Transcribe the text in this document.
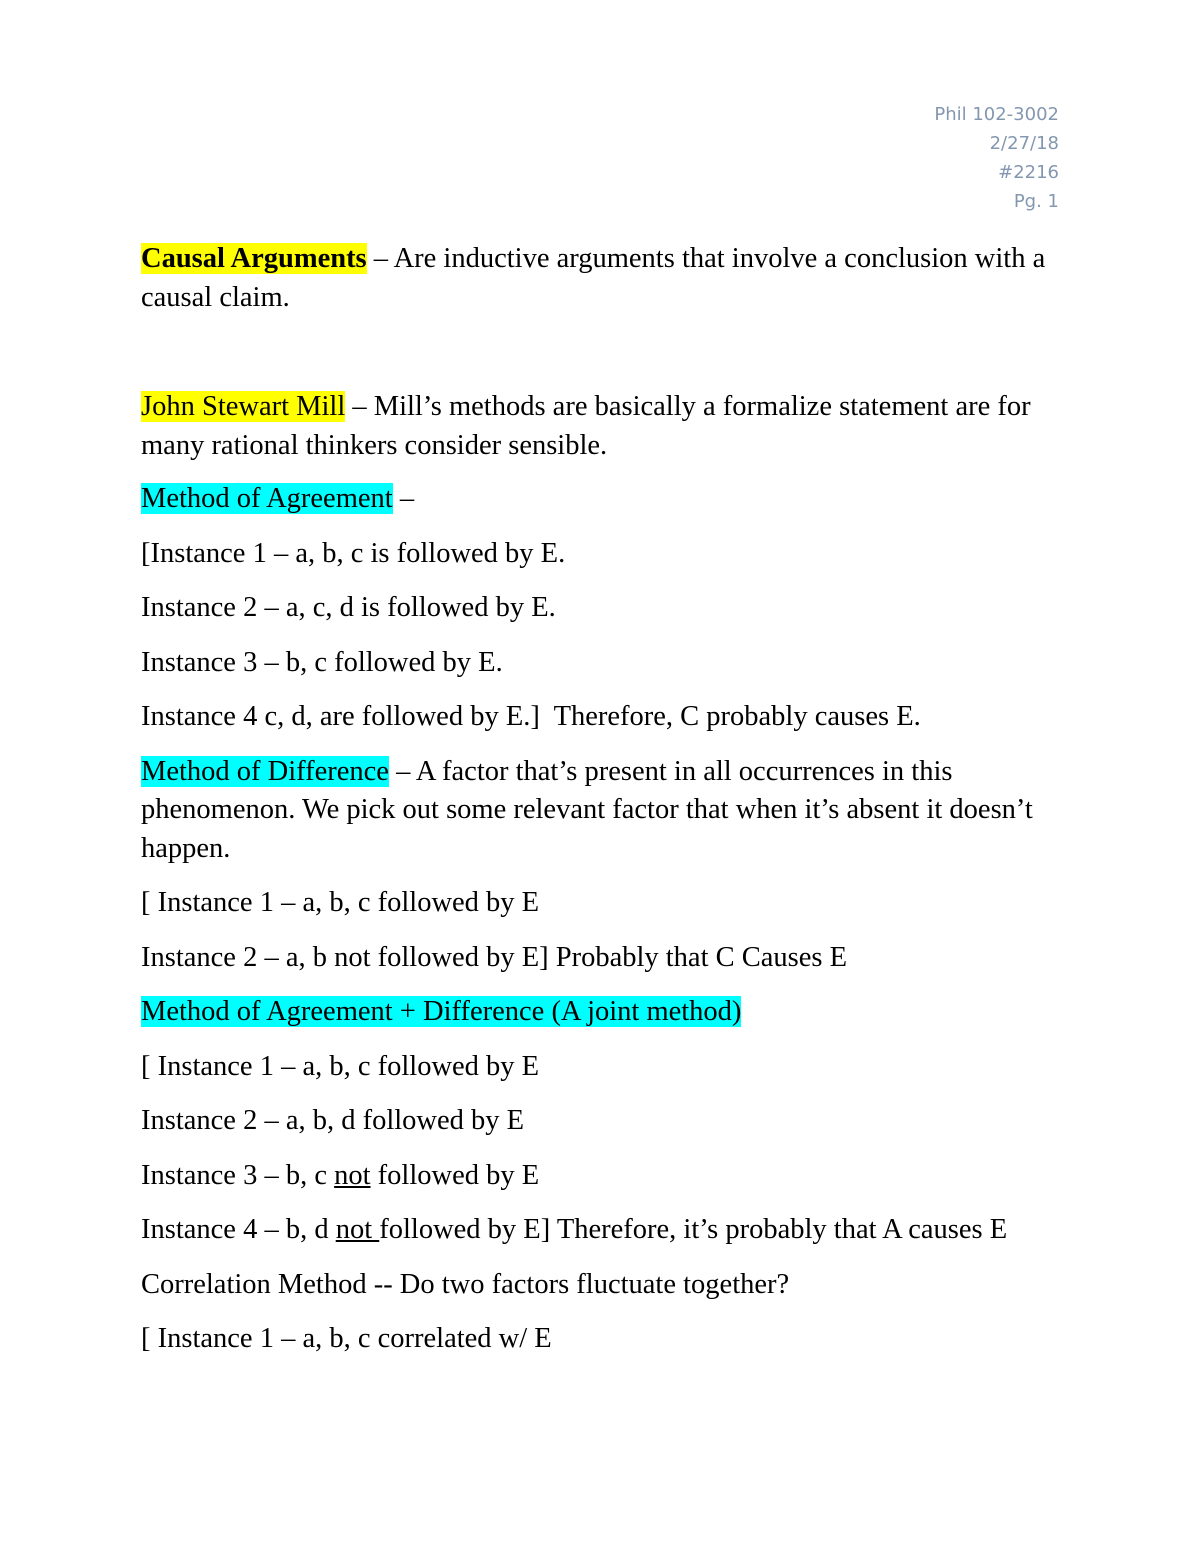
Phil 102-3002
2/27/18
#2216
Pg. 1

Causal Arguments – Are inductive arguments that involve a conclusion with a causal claim.

John Stewart Mill – Mill’s methods are basically a formalize statement are for many rational thinkers consider sensible.

Method of Agreement –

[Instance 1 – a, b, c is followed by E.

Instance 2 – a, c, d is followed by E.

Instance 3 – b, c followed by E.

Instance 4 c, d, are followed by E.]  Therefore, C probably causes E.

Method of Difference – A factor that’s present in all occurrences in this phenomenon. We pick out some relevant factor that when it’s absent it doesn’t happen.

[ Instance 1 – a, b, c followed by E

Instance 2 – a, b not followed by E] Probably that C Causes E

Method of Agreement + Difference (A joint method)

[ Instance 1 – a, b, c followed by E

Instance 2 – a, b, d followed by E

Instance 3 – b, c not followed by E

Instance 4 – b, d not followed by E] Therefore, it’s probably that A causes E

Correlation Method -- Do two factors fluctuate together?

[ Instance 1 – a, b, c correlated w/ E
